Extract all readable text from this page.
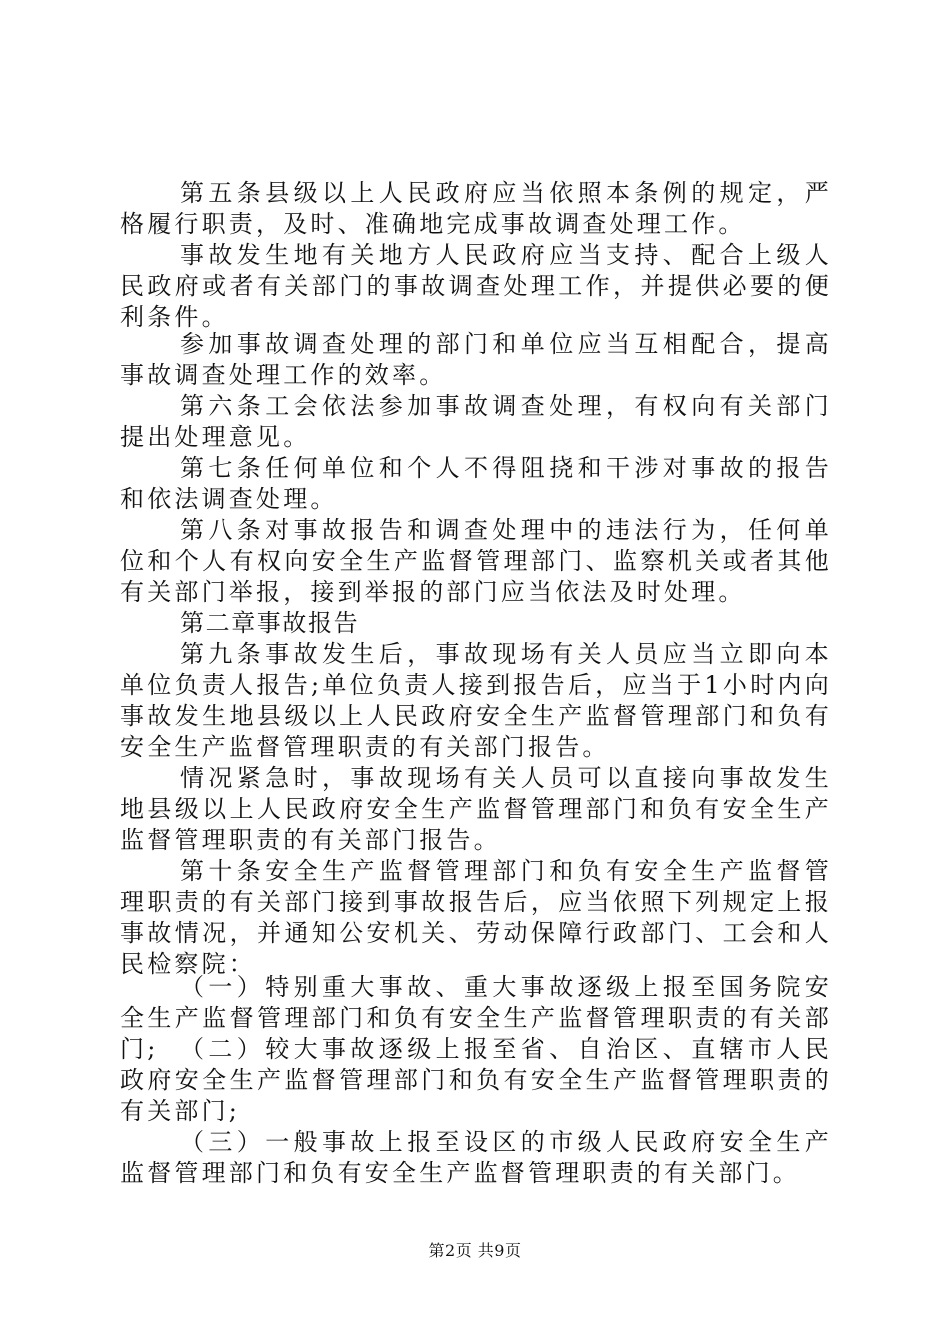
第五条县级以上人民政府应当依照本条例的规定，严格履行职责，及时、准确地完成事故调查处理工作。

事故发生地有关地方人民政府应当支持、配合上级人民政府或者有关部门的事故调查处理工作，并提供必要的便利条件。

参加事故调查处理的部门和单位应当互相配合，提高事故调查处理工作的效率。

第六条工会依法参加事故调查处理，有权向有关部门提出处理意见。

第七条任何单位和个人不得阻挠和干涉对事故的报告和依法调查处理。

第八条对事故报告和调查处理中的违法行为，任何单位和个人有权向安全生产监督管理部门、监察机关或者其他有关部门举报，接到举报的部门应当依法及时处理。

第二章事故报告

第九条事故发生后，事故现场有关人员应当立即向本单位负责人报告;单位负责人接到报告后，应当于1小时内向事故发生地县级以上人民政府安全生产监督管理部门和负有安全生产监督管理职责的有关部门报告。

情况紧急时，事故现场有关人员可以直接向事故发生地县级以上人民政府安全生产监督管理部门和负有安全生产监督管理职责的有关部门报告。

第十条安全生产监督管理部门和负有安全生产监督管理职责的有关部门接到事故报告后，应当依照下列规定上报事故情况，并通知公安机关、劳动保障行政部门、工会和人民检察院：

（一）特别重大事故、重大事故逐级上报至国务院安全生产监督管理部门和负有安全生产监督管理职责的有关部门; （二）较大事故逐级上报至省、自治区、直辖市人民政府安全生产监督管理部门和负有安全生产监督管理职责的有关部门;

（三）一般事故上报至设区的市级人民政府安全生产监督管理部门和负有安全生产监督管理职责的有关部门。

第2页 共9页
